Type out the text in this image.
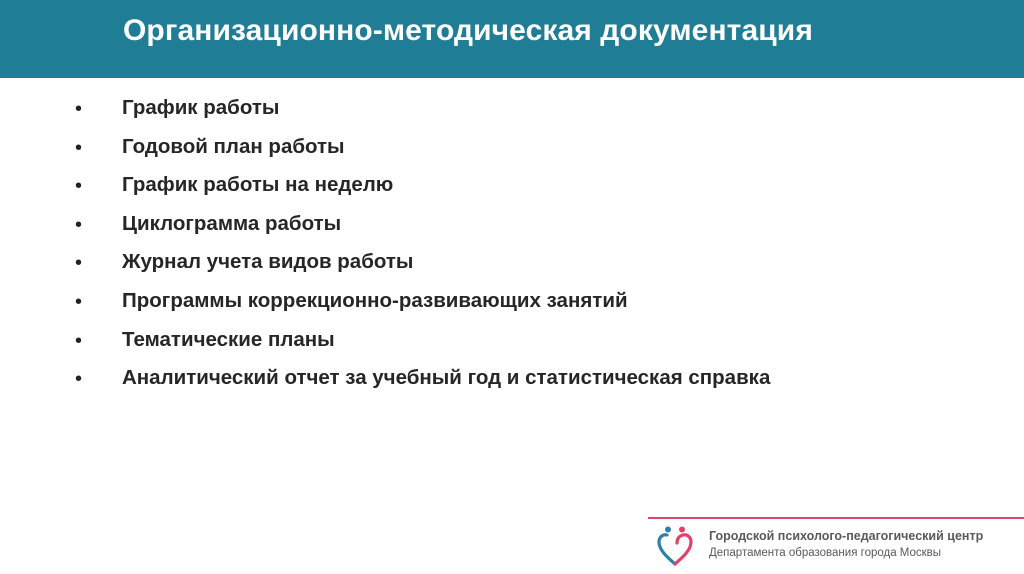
Организационно-методическая документация
• График работы
• Годовой план работы
• График работы на неделю
• Циклограмма работы
• Журнал учета видов работы
• Программы коррекционно-развивающих занятий
• Тематические планы
• Аналитический отчет за учебный год и статистическая справка
Городской психолого-педагогический центр
Департамента образования города Москвы
